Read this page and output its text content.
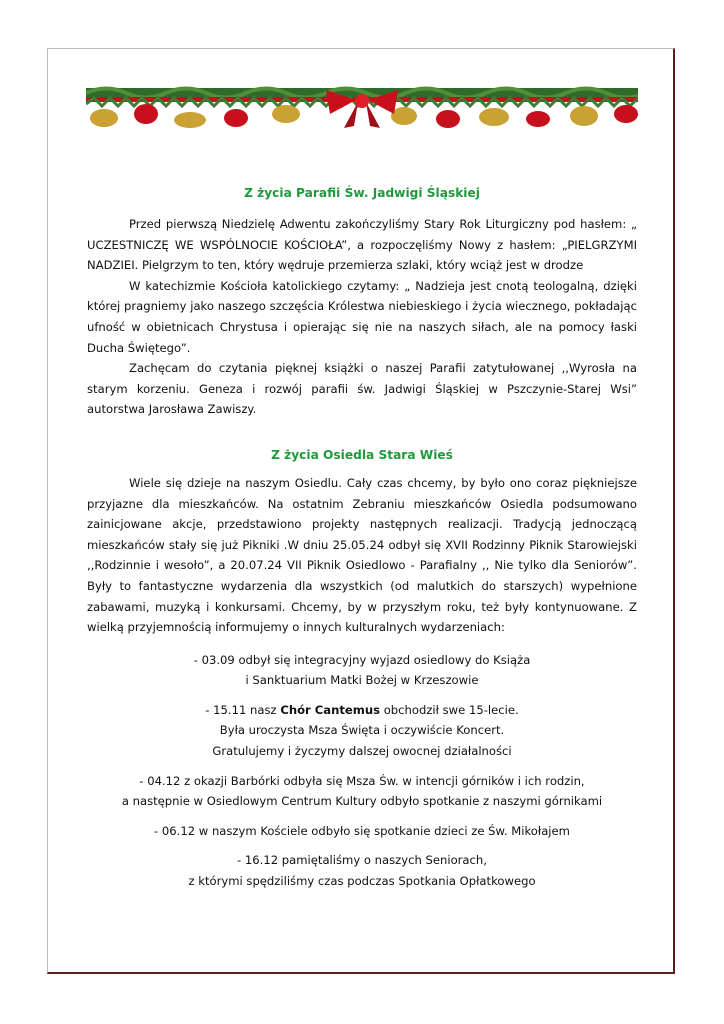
Z życia Parafii Św. Jadwigi Śląskiej

Przed pierwszą Niedzielę Adwentu zakończyliśmy Stary Rok Liturgiczny pod hasłem: „ UCZESTNICZĘ WE WSPÓLNOCIE KOŚCIOŁA”, a rozpoczęliśmy Nowy z hasłem: „PIELGRZYMI NADZIEI. Pielgrzym to ten, który wędruje przemierza szlaki, który wciąż jest w drodze

W katechizmie Kościoła katolickiego czytamy: „ Nadzieja jest cnotą teologalną, dzięki której pragniemy jako naszego szczęścia Królestwa niebieskiego i życia wiecznego, pokładając ufność w obietnicach Chrystusa i opierając się nie na naszych siłach, ale na pomocy łaski Ducha Świętego”.

Zachęcam do czytania pięknej książki o naszej Parafii zatytułowanej ,,Wyrosła na starym korzeniu. Geneza i rozwój parafii św. Jadwigi Śląskiej w Pszczynie-Starej Wsi” autorstwa Jarosława Zawiszy.

Z życia Osiedla Stara Wieś

Wiele się dzieje na naszym Osiedlu. Cały czas chcemy, by było ono coraz piękniejsze przyjazne dla mieszkańców. Na ostatnim Zebraniu mieszkańców Osiedla podsumowano zainicjowane akcje, przedstawiono projekty następnych realizacji. Tradycją jednoczącą mieszkańców stały się już Pikniki .W dniu 25.05.24 odbył się XVII Rodzinny Piknik Starowiejski ,,Rodzinnie i wesoło”, a 20.07.24 VII Piknik Osiedlowo - Parafialny ,, Nie tylko dla Seniorów”. Były to fantastyczne wydarzenia dla wszystkich (od malutkich do starszych) wypełnione zabawami, muzyką i konkursami. Chcemy, by w przyszłym roku, też były kontynuowane. Z wielką przyjemnością informujemy o innych kulturalnych wydarzeniach:

- 03.09 odbył się integracyjny wyjazd osiedlowy do Książa
i Sanktuarium Matki Bożej w Krzeszowie
- 15.11 nasz Chór Cantemus obchodził swe 15-lecie.
Była uroczysta Msza Święta i oczywiście Koncert.
Gratulujemy i życzymy dalszej owocnej działalności
- 04.12 z okazji Barbórki odbyła się Msza Św. w intencji górników i ich rodzin,
a następnie w Osiedlowym Centrum Kultury odbyło spotkanie z naszymi górnikami
- 06.12 w naszym Kościele odbyło się spotkanie dzieci ze Św. Mikołajem
- 16.12 pamiętaliśmy o naszych Seniorach,
z którymi spędziliśmy czas podczas Spotkania Opłatkowego
